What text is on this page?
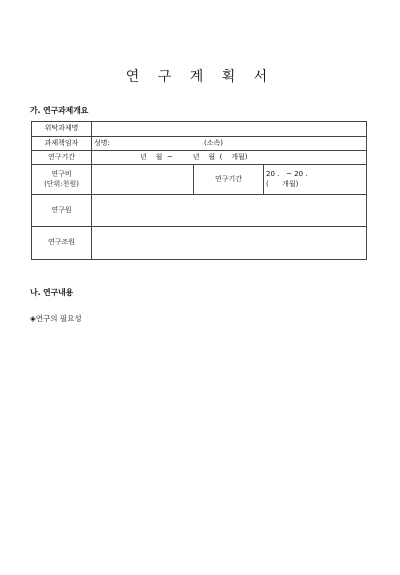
연 구 계 획 서
가. 연구과제개요
위탁과제명			
과제책임자	성명: (소속)		

연구기간	년    월  ~         년    월  (    개월)		

연구비
(단위:천원)		연구기간	20 .   ~ 20 .
(      개월)

연구원			
연구조원			
나. 연구내용
◈연구의 필요성
